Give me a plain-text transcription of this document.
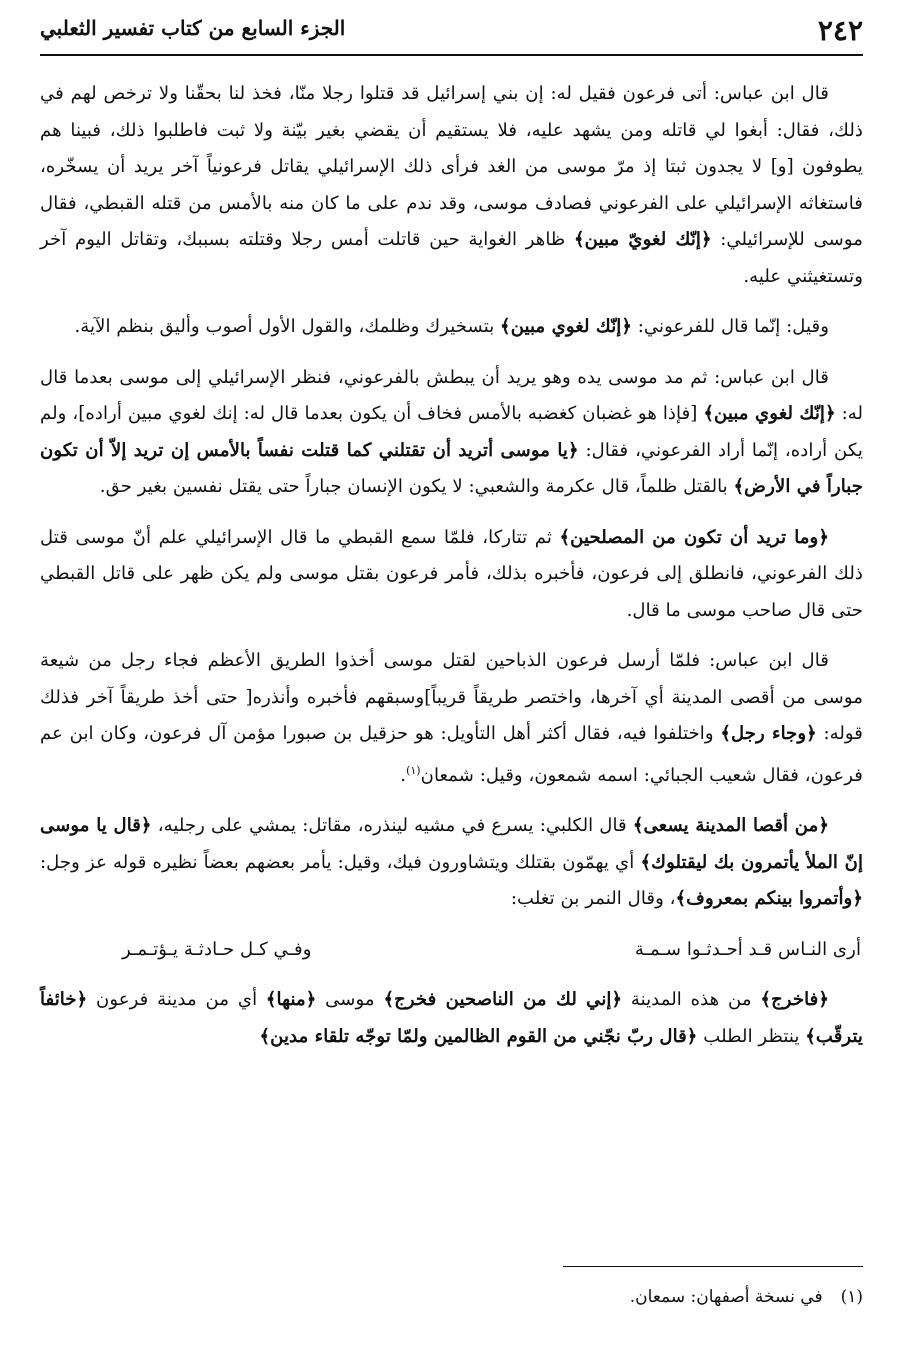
٢٤٢
الجزء السابع من كتاب تفسير الثعلبي

قال ابن عباس: أتى فرعون فقيل له: إن بني إسرائيل قد قتلوا رجلا منّا، فخذ لنا بحقّنا ولا ترخص لهم في ذلك، فقال: أبغوا لي قاتله ومن يشهد عليه، فلا يستقيم أن يقضي بغير بيّنة ولا ثبت فاطلبوا ذلك، فبينا هم يطوفون [و] لا يجدون ثبتا إذ مرّ موسى من الغد فرأى ذلك الإسرائيلي يقاتل فرعونياً آخر يريد أن يسخّره، فاستغاثه الإسرائيلي على الفرعوني فصادف موسى، وقد ندم على ما كان منه بالأمس من قتله القبطي، فقال موسى للإسرائيلي: ﴿إنّك لغويّ مبين﴾ ظاهر الغواية حين قاتلت أمس رجلا وقتلته بسببك، وتقاتل اليوم آخر وتستغيثني عليه.

وقيل: إنّما قال للفرعوني: ﴿إنّك لغوي مبين﴾ بتسخيرك وظلمك، والقول الأول أصوب وأليق بنظم الآية.

قال ابن عباس: ثم مد موسى يده وهو يريد أن يبطش بالفرعوني، فنظر الإسرائيلي إلى موسى بعدما قال له: ﴿إنّك لغوي مبين﴾ [فإذا هو غضبان كغضبه بالأمس فخاف أن يكون بعدما قال له: إنك لغوي مبين أراده]، ولم يكن أراده، إنّما أراد الفرعوني، فقال: ﴿يا موسى أتريد أن تقتلني كما قتلت نفساً بالأمس إن تريد إلاّ أن تكون جباراً في الأرض﴾ بالقتل ظلماً، قال عكرمة والشعبي: لا يكون الإنسان جباراً حتى يقتل نفسين بغير حق.

﴿وما تريد أن تكون من المصلحين﴾ ثم تتاركا، فلمّا سمع القبطي ما قال الإسرائيلي علم أنّ موسى قتل ذلك الفرعوني، فانطلق إلى فرعون، فأخبره بذلك، فأمر فرعون بقتل موسى ولم يكن ظهر على قاتل القبطي حتى قال صاحب موسى ما قال.

قال ابن عباس: فلمّا أرسل فرعون الذباحين لقتل موسى أخذوا الطريق الأعظم فجاء رجل من شيعة موسى من أقصى المدينة أي آخرها، واختصر طريقاً قريباً]وسبقهم فأخبره وأنذره[ حتى أخذ طريقاً آخر فذلك قوله: ﴿وجاء رجل﴾ واختلفوا فيه، فقال أكثر أهل التأويل: هو حزقيل بن صبورا مؤمن آل فرعون، وكان ابن عم فرعون، فقال شعيب الجبائي: اسمه شمعون، وقيل: شمعان$^{(١)}$.

﴿من أقصا المدينة يسعى﴾ قال الكلبي: يسرع في مشيه لينذره، مقاتل: يمشي على رجليه، ﴿قال يا موسى إنّ الملأ يأتمرون بك ليقتلوك﴾ أي يهمّون بقتلك ويتشاورون فيك، وقيل: يأمر بعضهم بعضاً نظيره قوله عز وجل: ﴿وأتمروا بينكم بمعروف﴾، وقال النمر بن تغلب:

أرى النـاس قـد أحـدثـوا سـمـة
وفـي كـل حـادثـة يـؤتـمـر

﴿فاخرج﴾ من هذه المدينة ﴿إني لك من الناصحين فخرج﴾ موسى ﴿منها﴾ أي من مدينة فرعون ﴿خائفاً يترقّب﴾ ينتظر الطلب ﴿قال ربّ نجّني من القوم الظالمين ولمّا توجّه تلقاء مدين﴾

(١)في نسخة أصفهان: سمعان.
